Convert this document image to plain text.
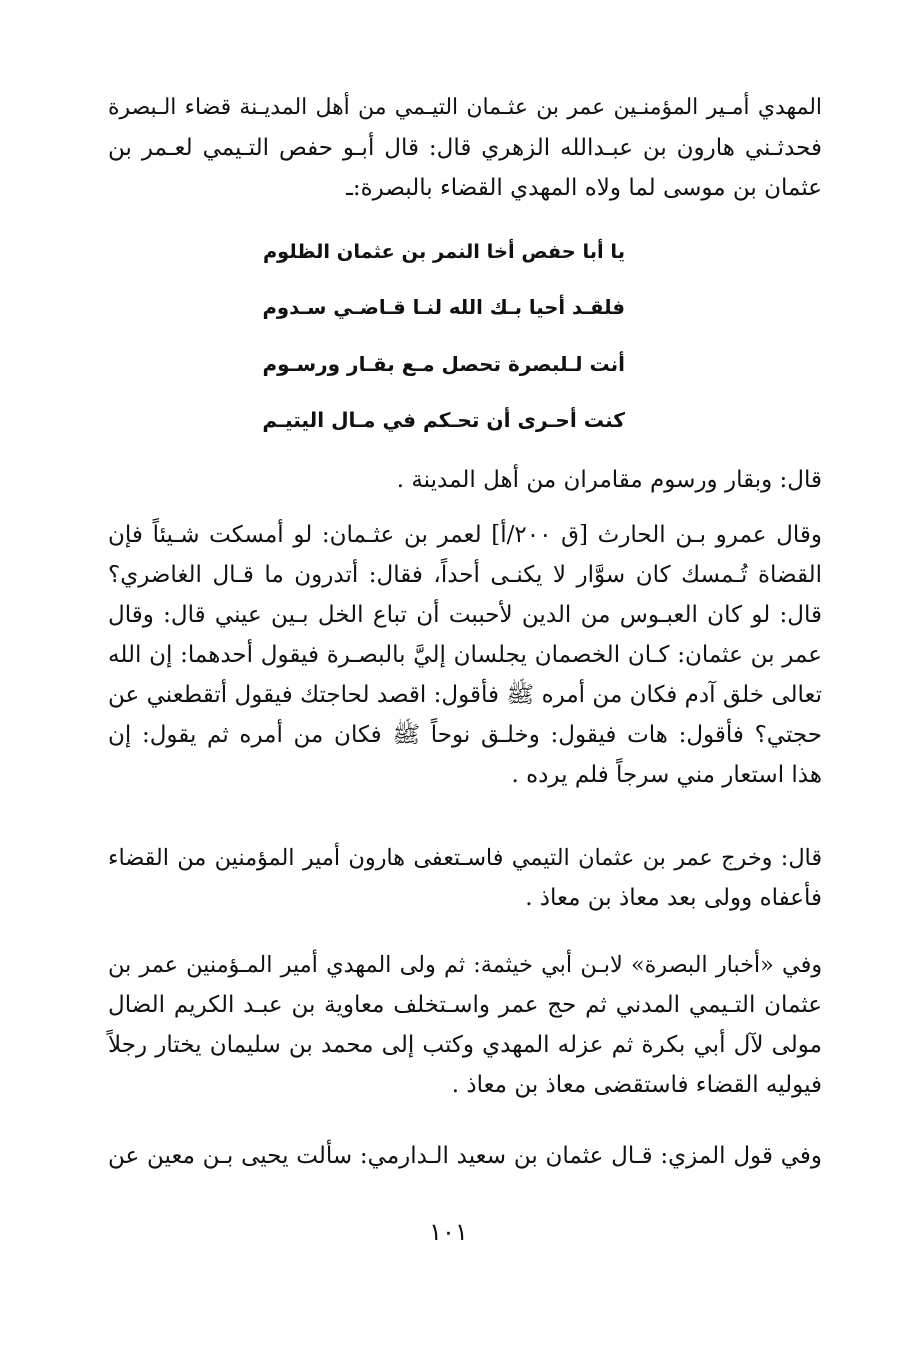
المهدي أمـير المؤمنـين عمر بن عثـمان التيـمي من أهل المديـنة قضاء الـبصرة
فحدثـني هارون بن عبـدالله الزهري قال: قال أبـو حفص التـيمي لعـمر بن
عثمان بن موسى لما ولاه المهدي القضاء بالبصرة:ـ

يا أبا حفص أخا النمر بن عثمان الظلوم
فلقـد أحيا بـك الله لنـا قـاضـي سـدوم
أنت لـلبصرة تحصل مـع بقـار ورسـوم
كنت أحـرى أن تحـكم في مـال اليتيـم

قال: وبقار ورسوم مقامران من أهل المدينة .

وقال عمرو بـن الحارث [ق ٢٠٠/أ] لعمر بن عثـمان: لو أمسكت شـيئاً فإن
القضاة تُـمسك كان سوَّار لا يكنـى أحداً، فقال: أتدرون ما قـال الغاضري؟
قال: لو كان العبـوس من الدين لأحببت أن تباع الخل بـين عيني قال: وقال
عمر بن عثمان: كـان الخصمان يجلسان إليَّ بالبصـرة فيقول أحدهما: إن الله
تعالى خلق آدم فكان من أمره ﷺ فأقول: اقصد لحاجتك فيقول أتقطعني عن
حجتي؟ فأقول: هات فيقول: وخلـق نوحاً ﷺ فكان من أمره ثم يقول: إن
هذا استعار مني سرجاً فلم يرده .

قال: وخرج عمر بن عثمان التيمي فاسـتعفى هارون أمير المؤمنين من القضاء
فأعفاه وولى بعد معاذ بن معاذ .

وفي «أخبار البصرة» لابـن أبي خيثمة: ثم ولى المهدي أمير المـؤمنين عمر بن
عثمان التـيمي المدني ثم حج عمر واسـتخلف معاوية بن عبـد الكريم الضال
مولى لآل أبي بكرة ثم عزله المهدي وكتب إلى محمد بن سليمان يختار رجلاً
فيوليه القضاء فاستقضى معاذ بن معاذ .

وفي قول المزي: قـال عثمان بن سعيد الـدارمي: سألت يحيى بـن معين عن

١٠١
